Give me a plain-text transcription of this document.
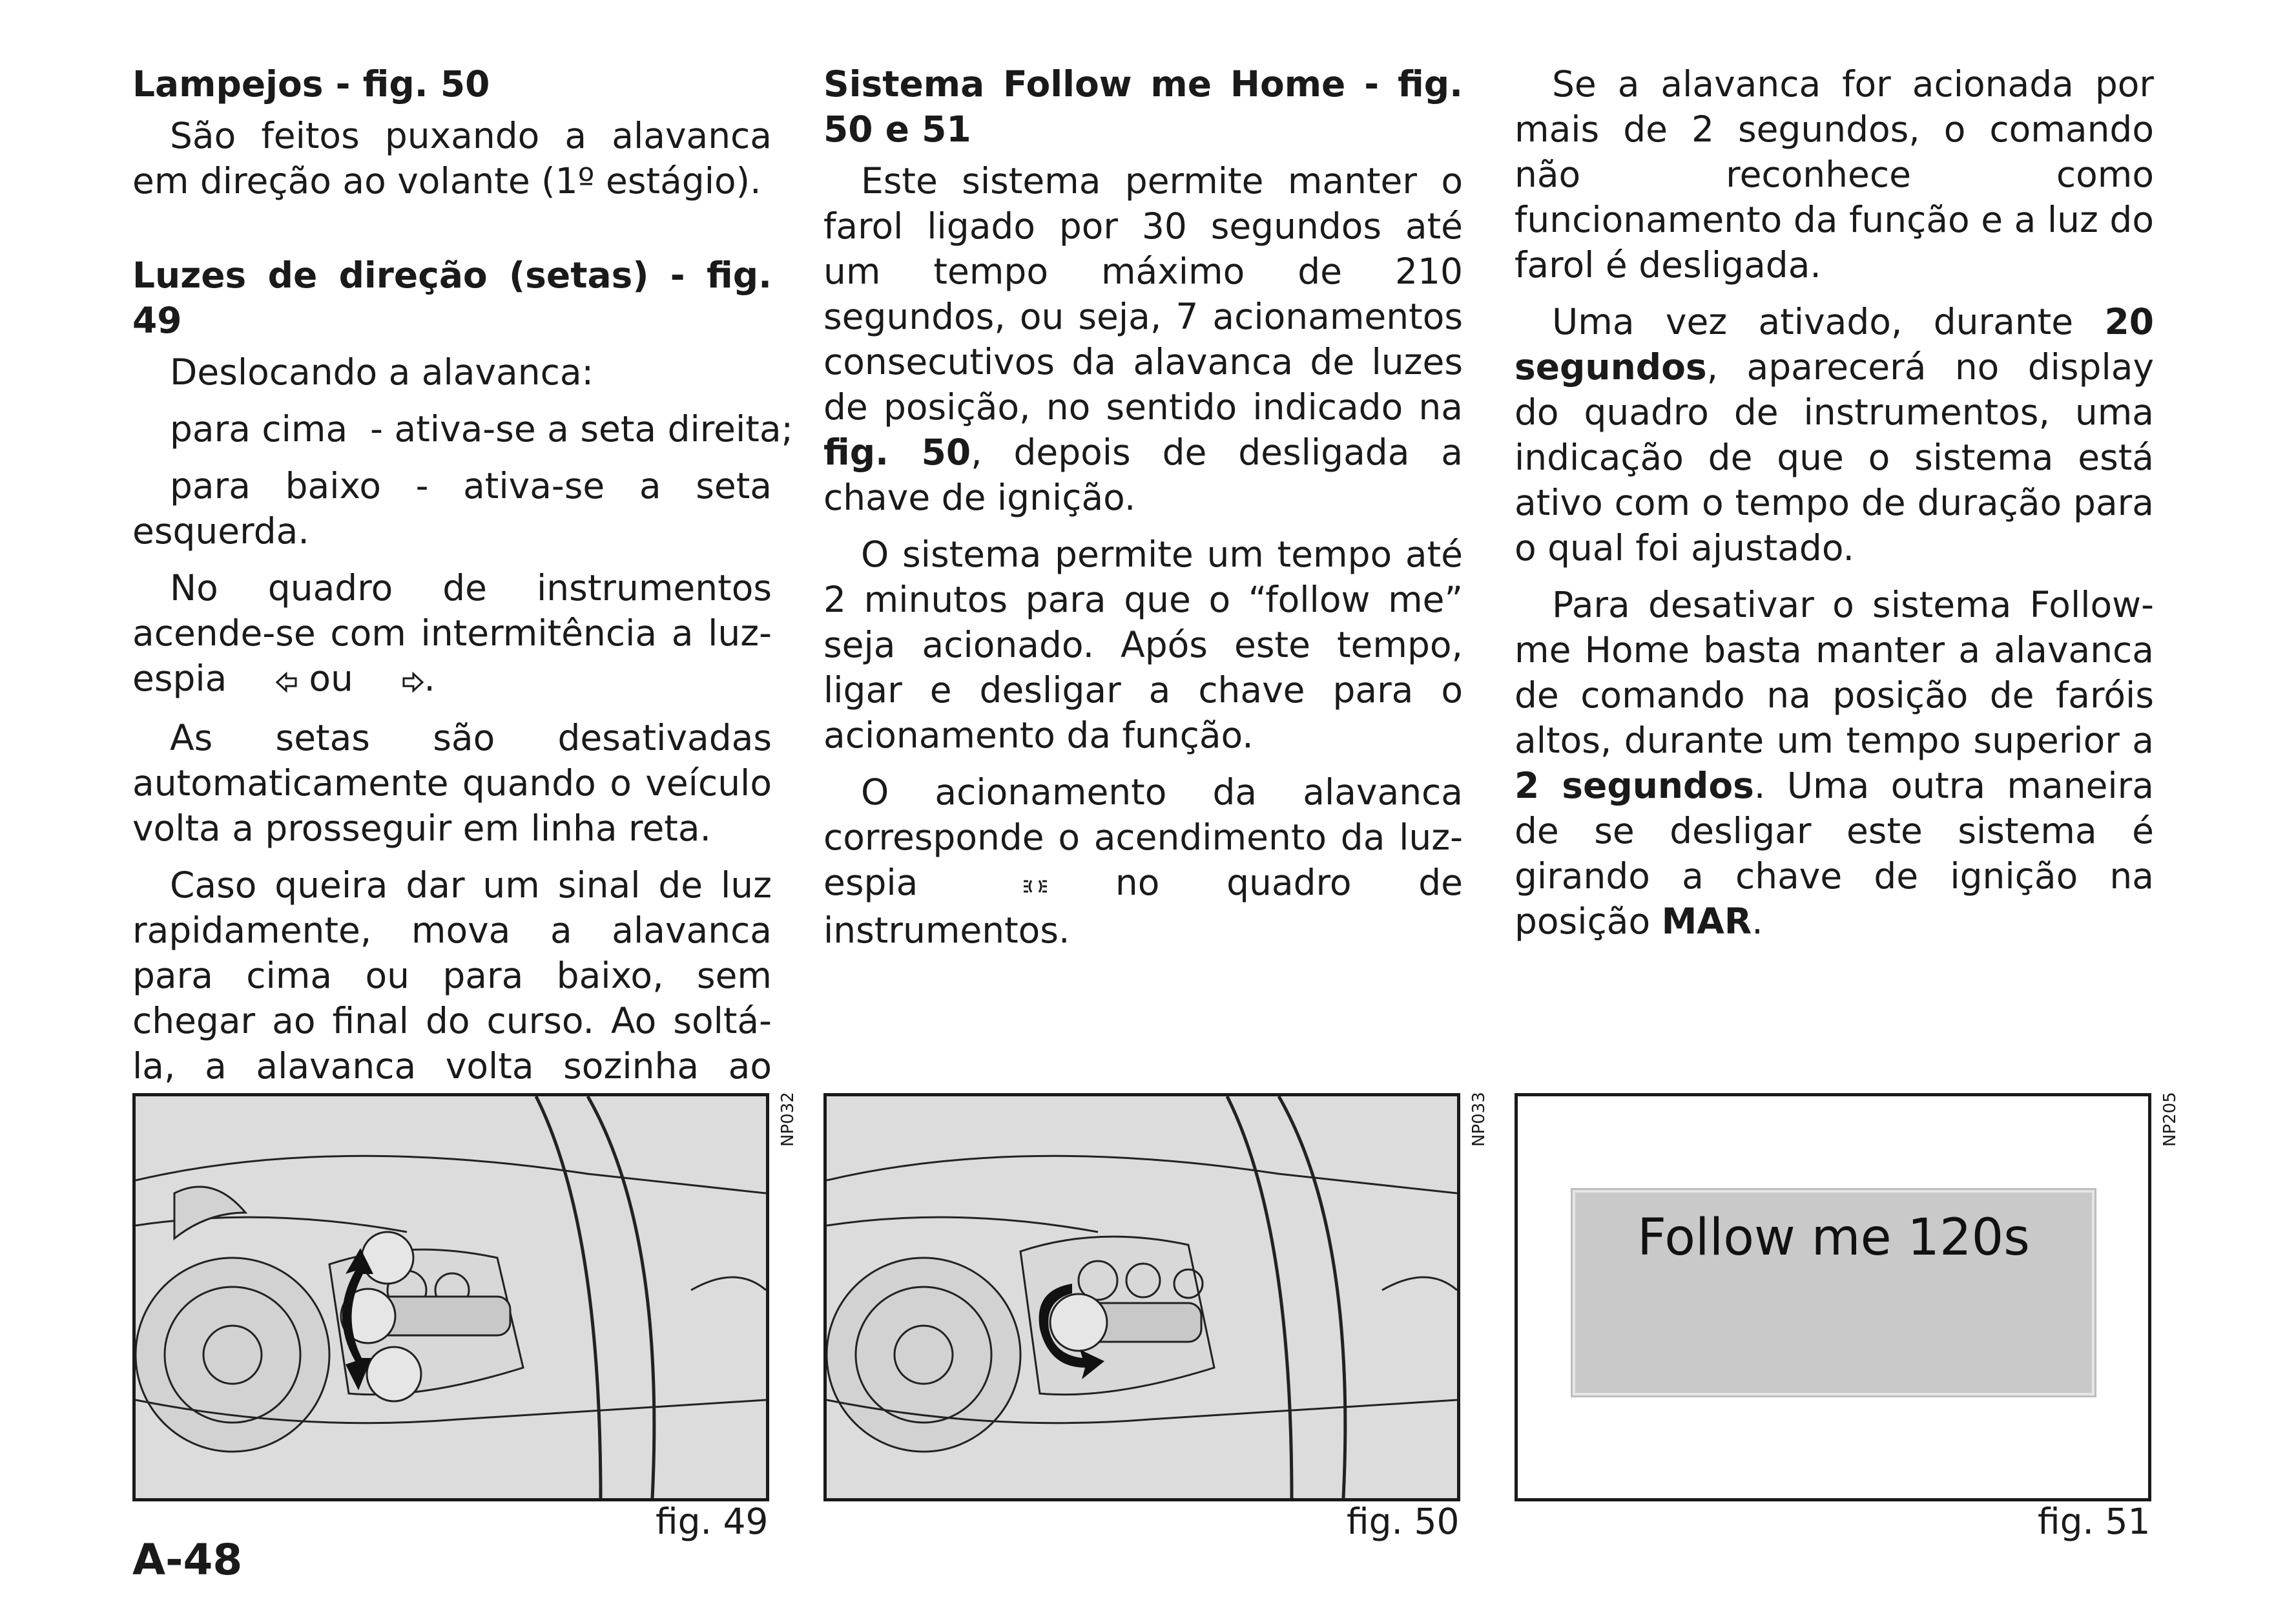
Lampejos - fig. 50

São feitos puxando a alavanca em direção ao volante (1º estágio).

Luzes de direção (setas) - fig. 49

Deslocando a alavanca:

para cima  - ativa-se a seta direita;

para baixo - ativa-se a seta esquerda.

No quadro de instrumentos acende-se com intermitência a luz-espia ou .

As setas são desativadas automaticamente quando o veículo volta a prosseguir em linha reta.

Caso queira dar um sinal de luz rapidamente, mova a alavanca para cima ou para baixo, sem chegar ao final do curso. Ao soltá-la, a alavanca volta sozinha ao

Sistema Follow me Home - fig. 50 e 51

Este sistema permite manter o farol ligado por 30 segundos até um tempo máximo de 210 segundos, ou seja, 7 acionamentos consecutivos da alavanca de luzes de posição, no sentido indicado na fig. 50, depois de desligada a chave de ignição.

O sistema permite um tempo até 2 minutos para que o “follow me” seja acionado. Após este tempo, ligar e desligar a chave para o acionamento da função.

O acionamento da alavanca corresponde o acendimento da luz-espia	no quadro de instrumentos.

Se a alavanca for acionada por mais de 2 segundos, o comando não reconhece como funcionamento da função e a luz do farol é desligada.

Uma vez ativado, durante 20 segundos, aparecerá no display do quadro de instrumentos, uma indicação de que o sistema está ativo com o tempo de duração para o qual foi ajustado.

Para desativar o sistema Follow-me Home basta manter a alavanca de comando na posição de faróis altos, durante um tempo superior a 2 segundos. Uma outra maneira de se desligar este sistema é girando a chave de ignição na posição MAR.

NP032
fig. 49
NP033
fig. 50
Follow me 120s
NP205
fig. 51
A-48
